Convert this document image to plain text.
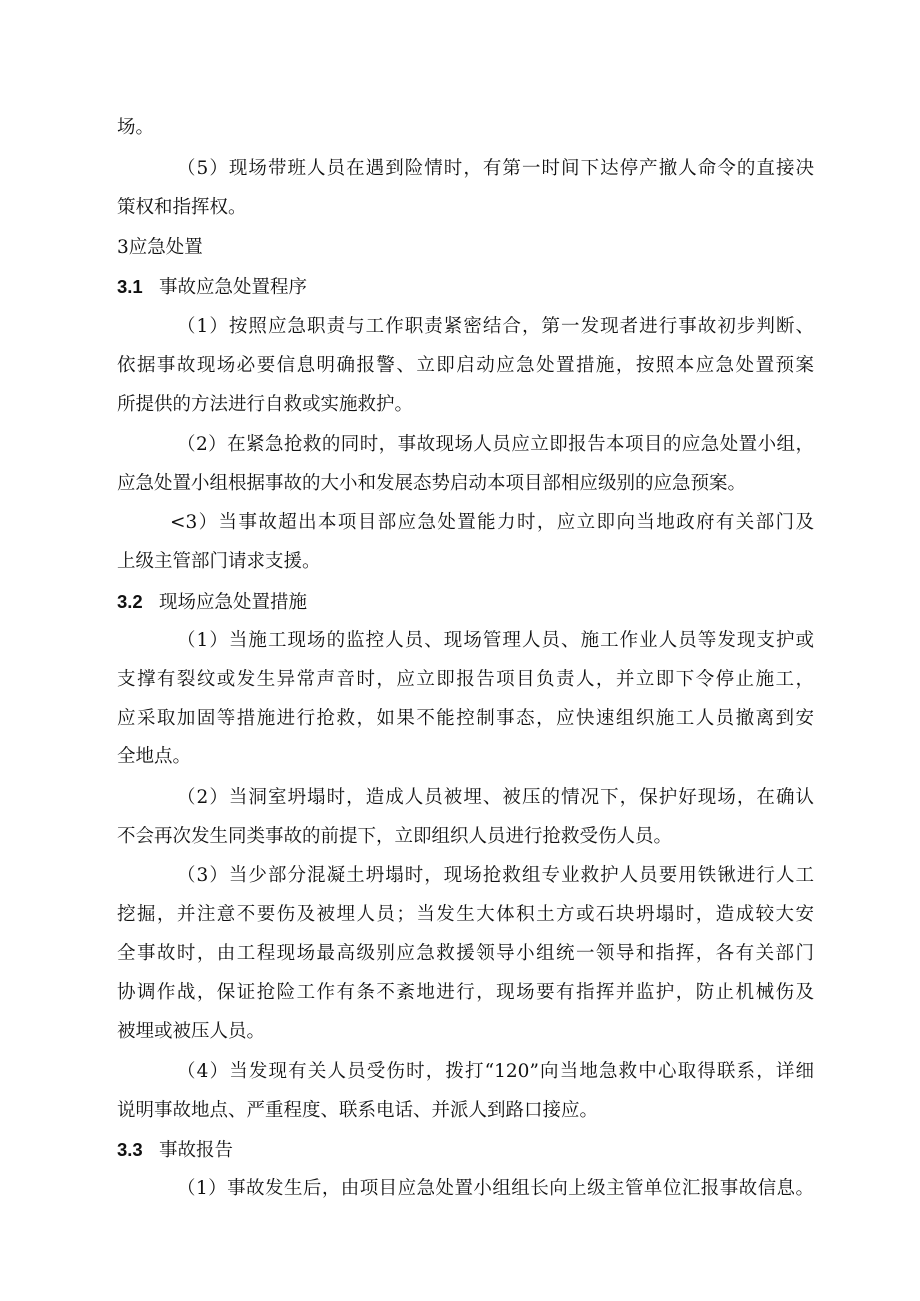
场。
（5）现场带班人员在遇到险情时，有第一时间下达停产撤人命令的直接决
策权和指挥权。
3应急处置
3.1 事故应急处置程序
（1）按照应急职责与工作职责紧密结合，第一发现者进行事故初步判断、
依据事故现场必要信息明确报警、立即启动应急处置措施，按照本应急处置预案
所提供的方法进行自救或实施救护。
（2）在紧急抢救的同时，事故现场人员应立即报告本项目的应急处置小组，
应急处置小组根据事故的大小和发展态势启动本项目部相应级别的应急预案。
<3）当事故超出本项目部应急处置能力时，应立即向当地政府有关部门及
上级主管部门请求支援。
3.2 现场应急处置措施
（1）当施工现场的监控人员、现场管理人员、施工作业人员等发现支护或
支撑有裂纹或发生异常声音时，应立即报告项目负责人，并立即下令停止施工，
应采取加固等措施进行抢救，如果不能控制事态，应快速组织施工人员撤离到安
全地点。
（2）当洞室坍塌时，造成人员被埋、被压的情况下，保护好现场，在确认
不会再次发生同类事故的前提下，立即组织人员进行抢救受伤人员。
（3）当少部分混凝土坍塌时，现场抢救组专业救护人员要用铁锹进行人工
挖掘，并注意不要伤及被埋人员；当发生大体积土方或石块坍塌时，造成较大安
全事故时，由工程现场最高级别应急救援领导小组统一领导和指挥，各有关部门
协调作战，保证抢险工作有条不紊地进行，现场要有指挥并监护，防止机械伤及
被埋或被压人员。
（4）当发现有关人员受伤时，拨打“120”向当地急救中心取得联系，详细
说明事故地点、严重程度、联系电话、并派人到路口接应。
3.3 事故报告
（1）事故发生后，由项目应急处置小组组长向上级主管单位汇报事故信息。
